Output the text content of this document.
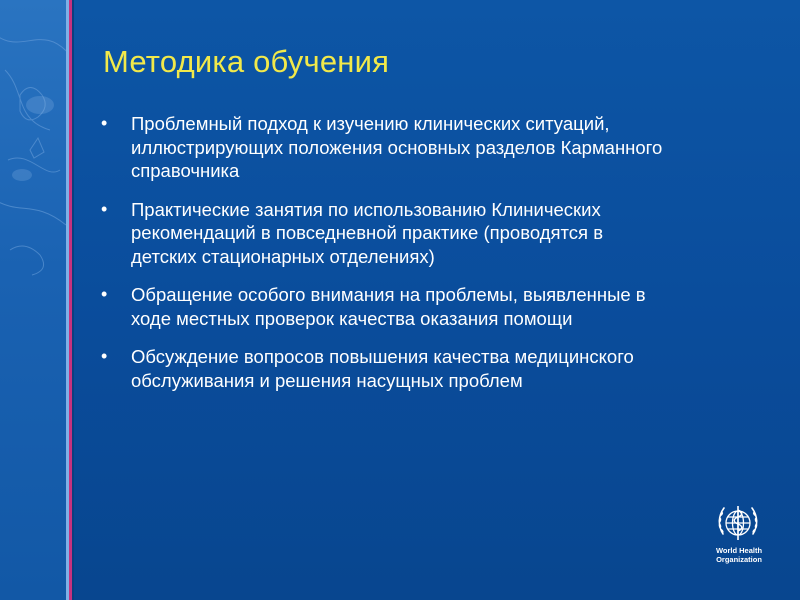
Методика обучения
• Проблемный подход к изучению клинических ситуаций, иллюстрирующих положения основных разделов Карманного справочника
• Практические занятия по использованию Клинических рекомендаций в повседневной практике (проводятся в детских стационарных отделениях)
• Обращение особого внимания на проблемы, выявленные в ходе местных проверок качества оказания помощи
• Обсуждение вопросов повышения качества медицинского обслуживания и решения насущных проблем
World Health
Organization
